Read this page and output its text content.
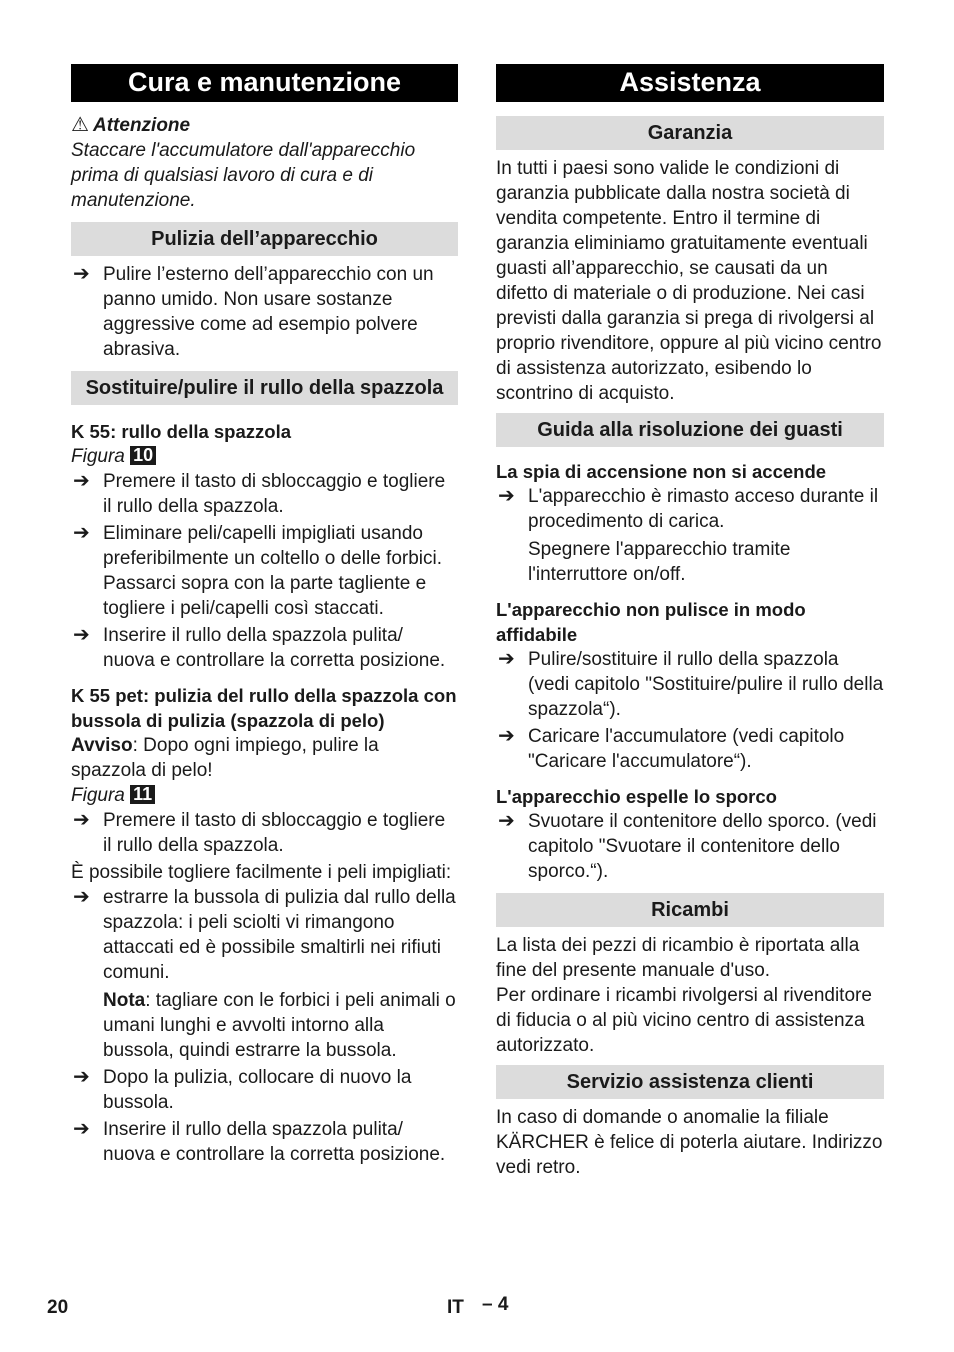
Cura e manutenzione

⚠ Attenzione

Staccare l'accumulatore dall'apparecchio prima di qualsiasi lavoro di cura e di manutenzione.

Pulizia dell’apparecchio
➔ Pulire l’esterno dell’apparecchio con un panno umido. Non usare sostanze aggressive come ad esempio polvere abrasiva.
Sostituire/pulire il rullo della spazzola

K 55: rullo della spazzola

Figura 10

➔ Premere il tasto di sbloccaggio e togliere il rullo della spazzola.
➔ Eliminare peli/capelli impigliati usando preferibilmente un coltello o delle forbici. Passarci sopra con la parte tagliente e togliere i peli/capelli così staccati.
➔ Inserire il rullo della spazzola pulita/ nuova e controllare la corretta posizione.

K 55 pet: pulizia del rullo della spazzola con bussola di pulizia (spazzola di pelo)

Avviso: Dopo ogni impiego, pulire la spazzola di pelo!

Figura 11

➔ Premere il tasto di sbloccaggio e togliere il rullo della spazzola.

È possibile togliere facilmente i peli impigliati:

➔ estrarre la bussola di pulizia dal rullo della spazzola: i peli sciolti vi rimangono attaccati ed è possibile smaltirli nei rifiuti comuni.

Nota: tagliare con le forbici i peli animali o umani lunghi e avvolti intorno alla bussola, quindi estrarre la bussola.

➔ Dopo la pulizia, collocare di nuovo la bussola.
➔ Inserire il rullo della spazzola pulita/ nuova e controllare la corretta posizione.
Assistenza
Garanzia

In tutti i paesi sono valide le condizioni di garanzia pubblicate dalla nostra società di vendita competente. Entro il termine di garanzia eliminiamo gratuitamente eventuali guasti all’apparecchio, se causati da un difetto di materiale o di produzione. Nei casi previsti dalla garanzia si prega di rivolgersi al proprio rivenditore, oppure al più vicino centro di assistenza autorizzato, esibendo lo scontrino di acquisto.

Guida alla risoluzione dei guasti

La spia di accensione non si accende

➔ L'apparecchio è rimasto acceso durante il procedimento di carica.

Spegnere l'apparecchio tramite l'interruttore on/off.

L'apparecchio non pulisce in modo affidabile

➔ Pulire/sostituire il rullo della spazzola (vedi capitolo "Sostituire/pulire il rullo della spazzola“).
➔ Caricare l'accumulatore (vedi capitolo "Caricare l'accumulatore“).

L'apparecchio espelle lo sporco

➔ Svuotare il contenitore dello sporco. (vedi capitolo "Svuotare il contenitore dello sporco.“).
Ricambi

La lista dei pezzi di ricambio è riportata alla fine del presente manuale d'uso.

Per ordinare i ricambi rivolgersi al rivenditore di fiducia o al più vicino centro di assistenza autorizzato.

Servizio assistenza clienti

In caso di domande o anomalie la filiale KÄRCHER è felice di poterla aiutare. Indirizzo vedi retro.

20	IT – 4
